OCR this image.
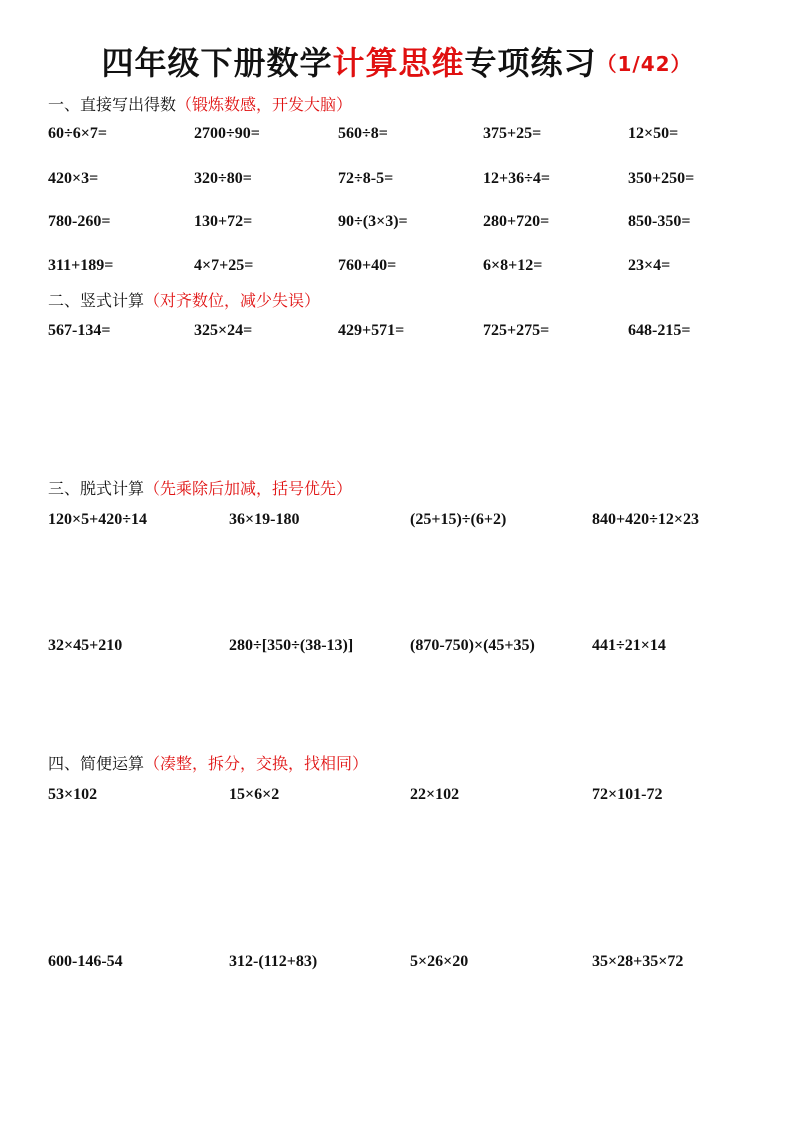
四年级下册数学计算思维专项练习（1/42）
一、直接写出得数（锻炼数感，开发大脑）
60÷6×7=	2700÷90=	560÷8=	375+25=	12×50=
420×3=	320÷80=	72÷8-5=	12+36÷4=	350+250=
780-260=	130+72=	90÷(3×3)=	280+720=	850-350=
311+189=	4×7+25=	760+40=	6×8+12=	23×4=
二、竖式计算（对齐数位，减少失误）
567-134=	325×24=	429+571=	725+275=	648-215=
三、脱式计算（先乘除后加减，括号优先）
120×5+420÷14	36×19-180	(25+15)÷(6+2)	840+420÷12×23
32×45+210	280÷[350÷(38-13)]	(870-750)×(45+35)	441÷21×14
四、简便运算（凑整，拆分，交换，找相同）
53×102	15×6×2	22×102	72×101-72
600-146-54	312-(112+83)	5×26×20	35×28+35×72
